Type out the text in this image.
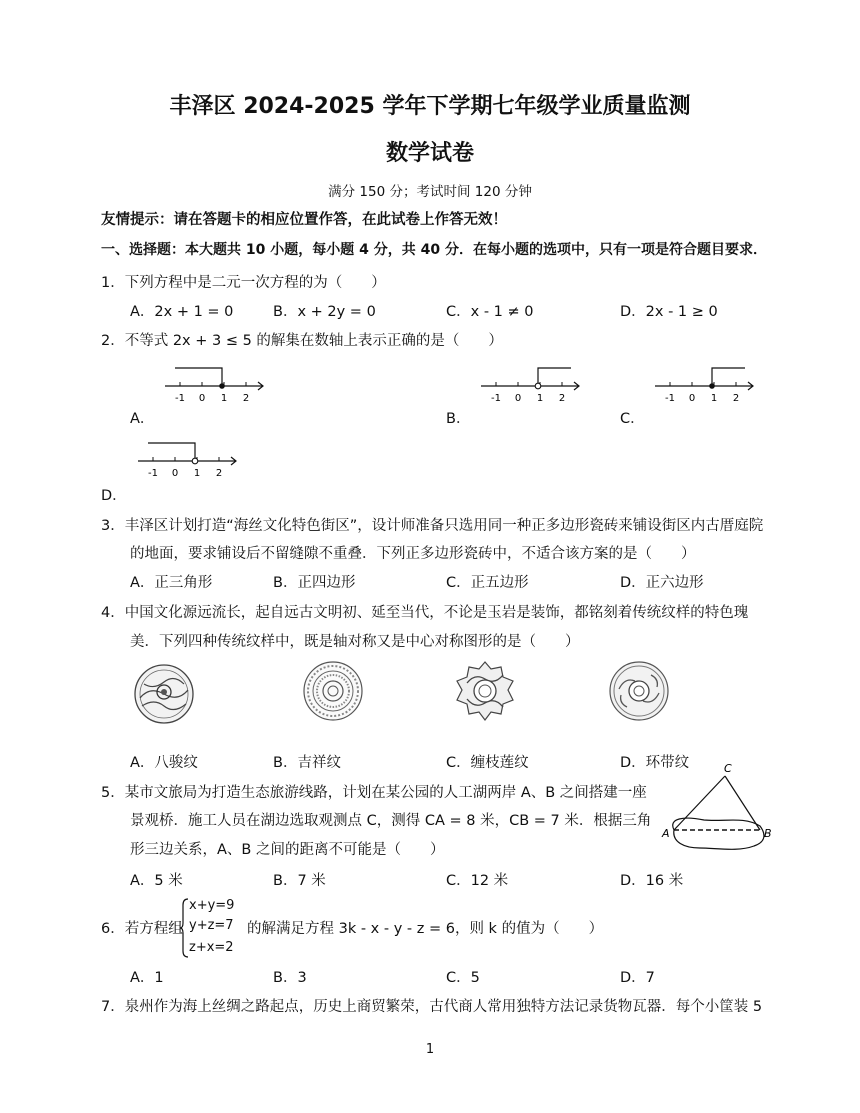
丰泽区 2024-2025 学年下学期七年级学业质量监测
数学试卷
满分 150 分；考试时间 120 分钟
友情提示：请在答题卡的相应位置作答，在此试卷上作答无效！
一、选择题：本大题共 10 小题，每小题 4 分，共 40 分．在每小题的选项中，只有一项是符合题目要求．
1．下列方程中是二元一次方程的为（　　）
A．2x + 1 = 0	B．x + 2y = 0	C．x - 1 ≠ 0	D．2x - 1 ≥ 0
2．不等式 2x + 3 ≤ 5 的解集在数轴上表示正确的是（　　）
-1 0 1 2
A．
-1 0 1 2
B．
-1 0 1 2
C．
-1 0 1 2
D．
3．丰泽区计划打造“海丝文化特色街区”，设计师准备只选用同一种正多边形瓷砖来铺设街区内古厝庭院
的地面，要求铺设后不留缝隙不重叠．下列正多边形瓷砖中，不适合该方案的是（　　）
A．正三角形	B．正四边形	C．正五边形	D．正六边形
4．中国文化源远流长，起自远古文明初、延至当代，不论是玉岩是装饰，都铭刻着传统纹样的特色瑰
美．下列四种传统纹样中，既是轴对称又是中心对称图形的是（　　）
A．八骏纹	B．吉祥纹	C．缠枝莲纹	D．环带纹
5．某市文旅局为打造生态旅游线路，计划在某公园的人工湖两岸 A、B 之间搭建一座
景观桥．施工人员在湖边选取观测点 C，测得 CA = 8 米，CB = 7 米．根据三角
形三边关系，A、B 之间的距离不可能是（　　）
C
A	B
A．5 米	B．7 米	C．12 米	D．16 米
6．若方程组
x+y=9
y+z=7
z+x=2
的解满足方程 3k - x - y - z = 6，则 k 的值为（　　）
A．1	B．3	C．5	D．7
7．泉州作为海上丝绸之路起点，历史上商贸繁荣，古代商人常用独特方法记录货物瓦器．每个小筐装 5
1
